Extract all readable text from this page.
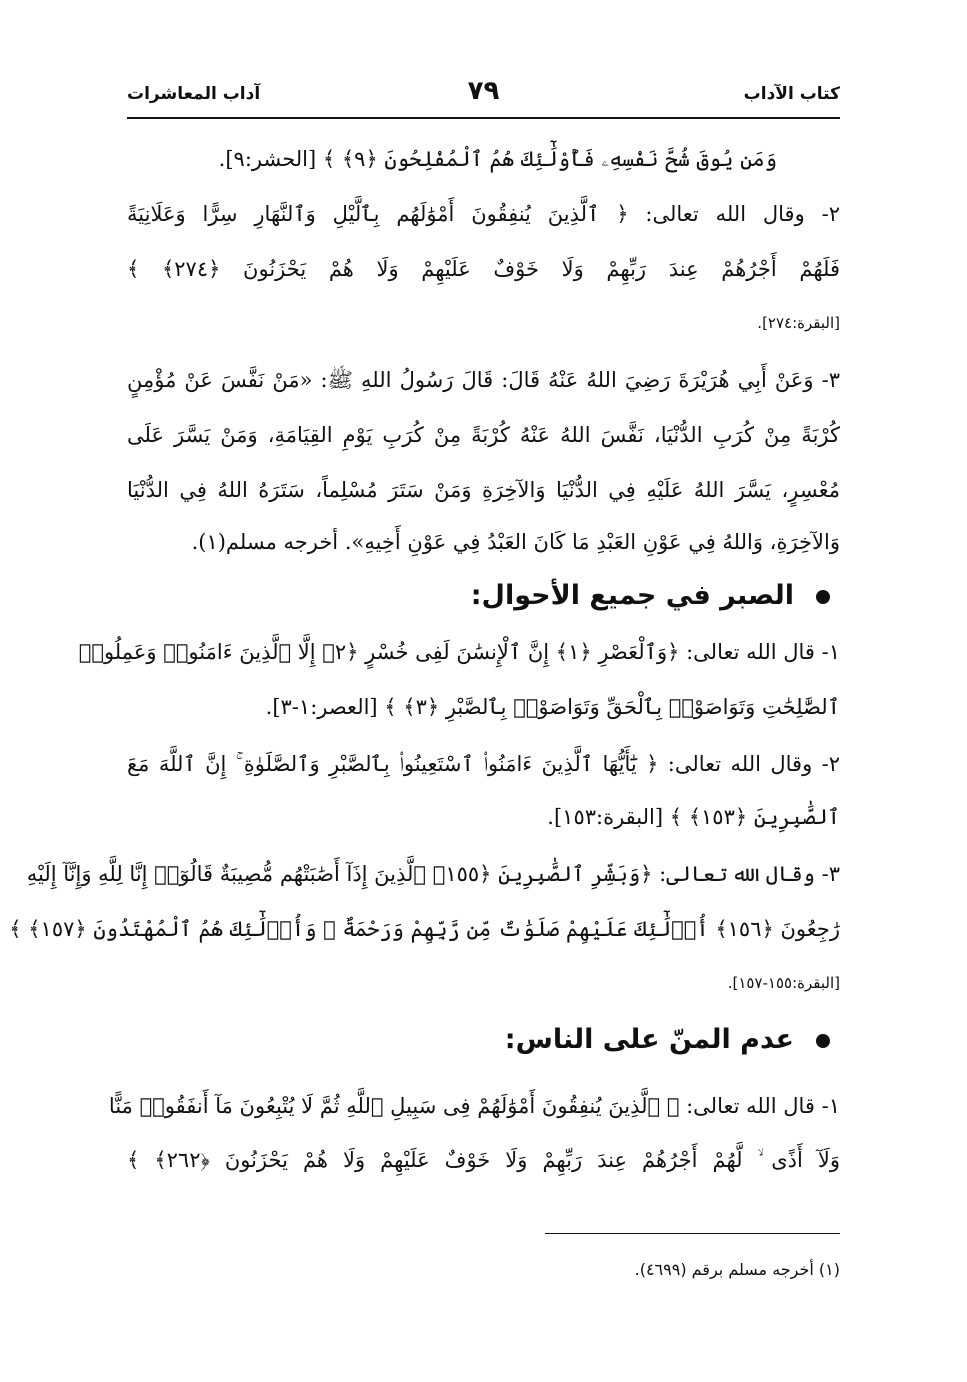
كتاب الآداب
٧٩
آداب المعاشرات
وَمَن يُوقَ شُحَّ نَفْسِهِۦ فَأُوْلَٰٓئِكَ هُمُ ٱلْمُفْلِحُونَ ﴿٩﴾ ﴾ [الحشر:٩].
٢- وقال الله تعالى: ﴿ ٱلَّذِينَ يُنفِقُونَ أَمْوَٰلَهُم بِٱلَّيْلِ وَٱلنَّهَارِ سِرًّا وَعَلَانِيَةً
فَلَهُمْ أَجْرُهُمْ عِندَ رَبِّهِمْ وَلَا خَوْفٌ عَلَيْهِمْ وَلَا هُمْ يَحْزَنُونَ ﴿٢٧٤﴾ ﴾
[البقرة:٢٧٤].
٣- وَعَنْ أَبِي هُرَيْرَةَ رَضِيَ اللهُ عَنْهُ قَالَ: قَالَ رَسُولُ اللهِ ﷺ: «مَنْ نَفَّسَ عَنْ مُؤْمِنٍ
كُرْبَةً مِنْ كُرَبِ الدُّنْيَا، نَفَّسَ اللهُ عَنْهُ كُرْبَةً مِنْ كُرَبِ يَوْمِ القِيَامَةِ، وَمَنْ يَسَّرَ عَلَى
مُعْسِرٍ، يَسَّرَ اللهُ عَلَيْهِ فِي الدُّنْيَا وَالآخِرَةِ وَمَنْ سَتَرَ مُسْلِماً، سَتَرَهُ اللهُ فِي الدُّنْيَا
وَالآخِرَةِ، وَاللهُ فِي عَوْنِ العَبْدِ مَا كَانَ العَبْدُ فِي عَوْنِ أَخِيهِ». أخرجه مسلم(١).
الصبر في جميع الأحوال:
١- قال الله تعالى: ﴿وَٱلْعَصْرِ ﴿١﴾ إِنَّ ٱلْإِنسَٰنَ لَفِى خُسْرٍ ﴿٢﴾ إِلَّا ٱلَّذِينَ ءَامَنُوا۟ وَعَمِلُوا۟
ٱلصَّٰلِحَٰتِ وَتَوَاصَوْا۟ بِٱلْحَقِّ وَتَوَاصَوْا۟ بِٱلصَّبْرِ ﴿٣﴾ ﴾ [العصر:١-٣].
٢- وقال الله تعالى: ﴿ يَٰٓأَيُّهَا ٱلَّذِينَ ءَامَنُوا۟ ٱسْتَعِينُوا۟ بِٱلصَّبْرِ وَٱلصَّلَوٰةِ ۚ إِنَّ ٱللَّهَ مَعَ
ٱلصَّٰبِرِينَ ﴿١٥٣﴾ ﴾ [البقرة:١٥٣].
٣- وقال الله تعالى: ﴿وَبَشِّرِ ٱلصَّٰبِرِينَ ﴿١٥٥﴾ ٱلَّذِينَ إِذَآ أَصَٰبَتْهُم مُّصِيبَةٌ قَالُوٓا۟ إِنَّا لِلَّهِ وَإِنَّآ إِلَيْهِ
رَٰجِعُونَ ﴿١٥٦﴾ أُو۟لَٰٓئِكَ عَلَيْهِمْ صَلَوَٰتٌ مِّن رَّبِّهِمْ وَرَحْمَةٌ ۖ وَأُو۟لَٰٓئِكَ هُمُ ٱلْمُهْتَدُونَ ﴿١٥٧﴾ ﴾
[البقرة:١٥٥-١٥٧].
عدم المنّ على الناس:
١- قال الله تعالى: ﴿ ٱلَّذِينَ يُنفِقُونَ أَمْوَٰلَهُمْ فِى سَبِيلِ ٱللَّهِ ثُمَّ لَا يُتْبِعُونَ مَآ أَنفَقُوا۟ مَنًّا
وَلَآ أَذًى ۙ لَّهُمْ أَجْرُهُمْ عِندَ رَبِّهِمْ وَلَا خَوْفٌ عَلَيْهِمْ وَلَا هُمْ يَحْزَنُونَ ﴿٢٦٢﴾ ﴾
(١) أخرجه مسلم برقم (٤٦٩٩).
